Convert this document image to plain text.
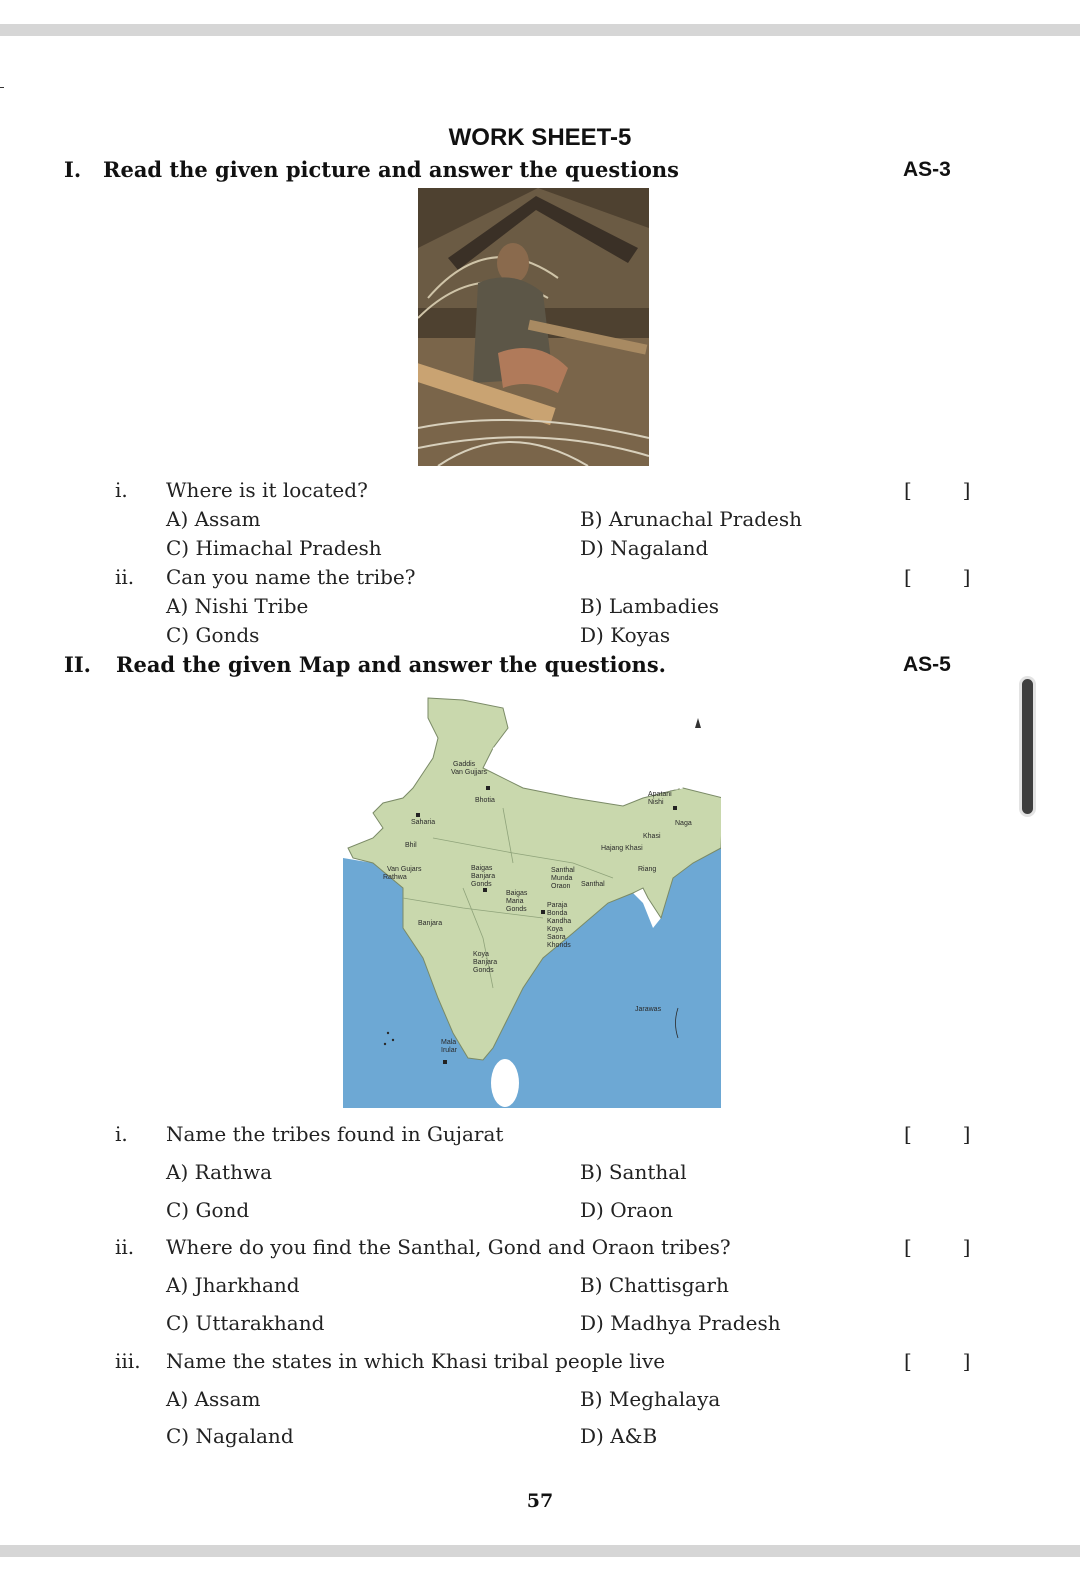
WORK SHEET-5
I. Read the given picture and answer the questions	AS-3
i. Where is it located?	[        ]
A) Assam	B) Arunachal Pradesh
C) Himachal Pradesh	D) Nagaland
ii. Can you name the tribe?	[        ]
A) Nishi Tribe	B) Lambadies
C) Gonds	D) Koyas
II. Read the given Map and answer the questions.	AS-5
Gaddis
Van Gujjars
Bhotia
Apatani
Nishi
Naga
Saharia
Khasi
Hajang Khasi
Bhil
Van Gujars
Rathwa
Baigas
Banjara
Gonds
Santhal
Munda
Oraon Santhal
Riang
Baigas
Maria
Gonds
Paraja
Bonda
Kandha
Koya
Saora
Khonds
Banjara
Koya
Banjara
Gonds
Jarawas
Mala
Irular
i. Name the tribes found in Gujarat	[        ]
A) Rathwa	B) Santhal
C) Gond	D) Oraon
ii. Where do you find the Santhal, Gond and Oraon tribes?	[        ]
A) Jharkhand	B) Chattisgarh
C) Uttarakhand	D) Madhya Pradesh
iii. Name the states in which Khasi tribal people live	[        ]
A) Assam	B) Meghalaya
C) Nagaland	D) A&B
57
